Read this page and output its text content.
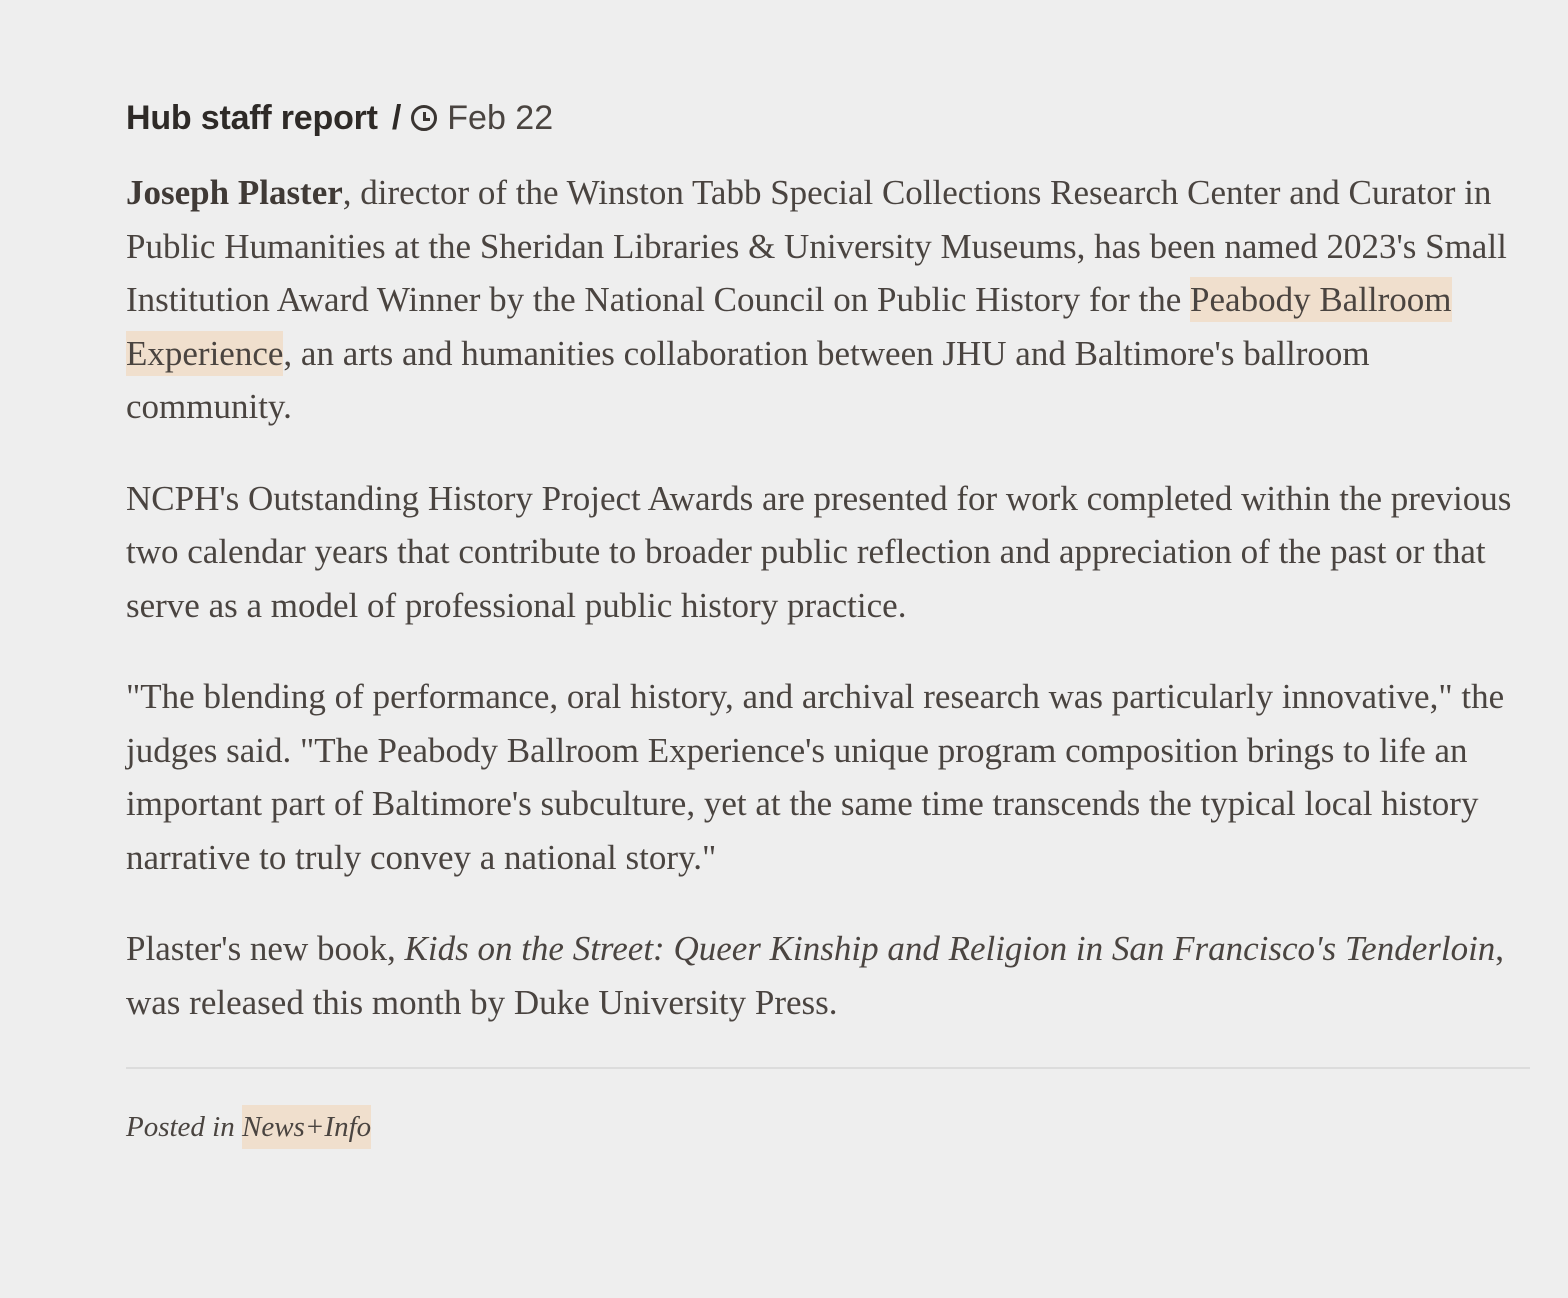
Hub staff report / Feb 22

Joseph Plaster, director of the Winston Tabb Special Collections Research Center and Curator in Public Humanities at the Sheridan Libraries & University Museums, has been named 2023's Small Institution Award Winner by the National Council on Public History for the Peabody Ballroom Experience, an arts and humanities collaboration between JHU and Baltimore's ballroom community.

NCPH's Outstanding History Project Awards are presented for work completed within the previous two calendar years that contribute to broader public reflection and appreciation of the past or that serve as a model of professional public history practice.

"The blending of performance, oral history, and archival research was particularly innovative," the judges said. "The Peabody Ballroom Experience's unique program composition brings to life an important part of Baltimore's subculture, yet at the same time transcends the typical local history narrative to truly convey a national story."

Plaster's new book, Kids on the Street: Queer Kinship and Religion in San Francisco's Tenderloin, was released this month by Duke University Press.

Posted in News+Info
